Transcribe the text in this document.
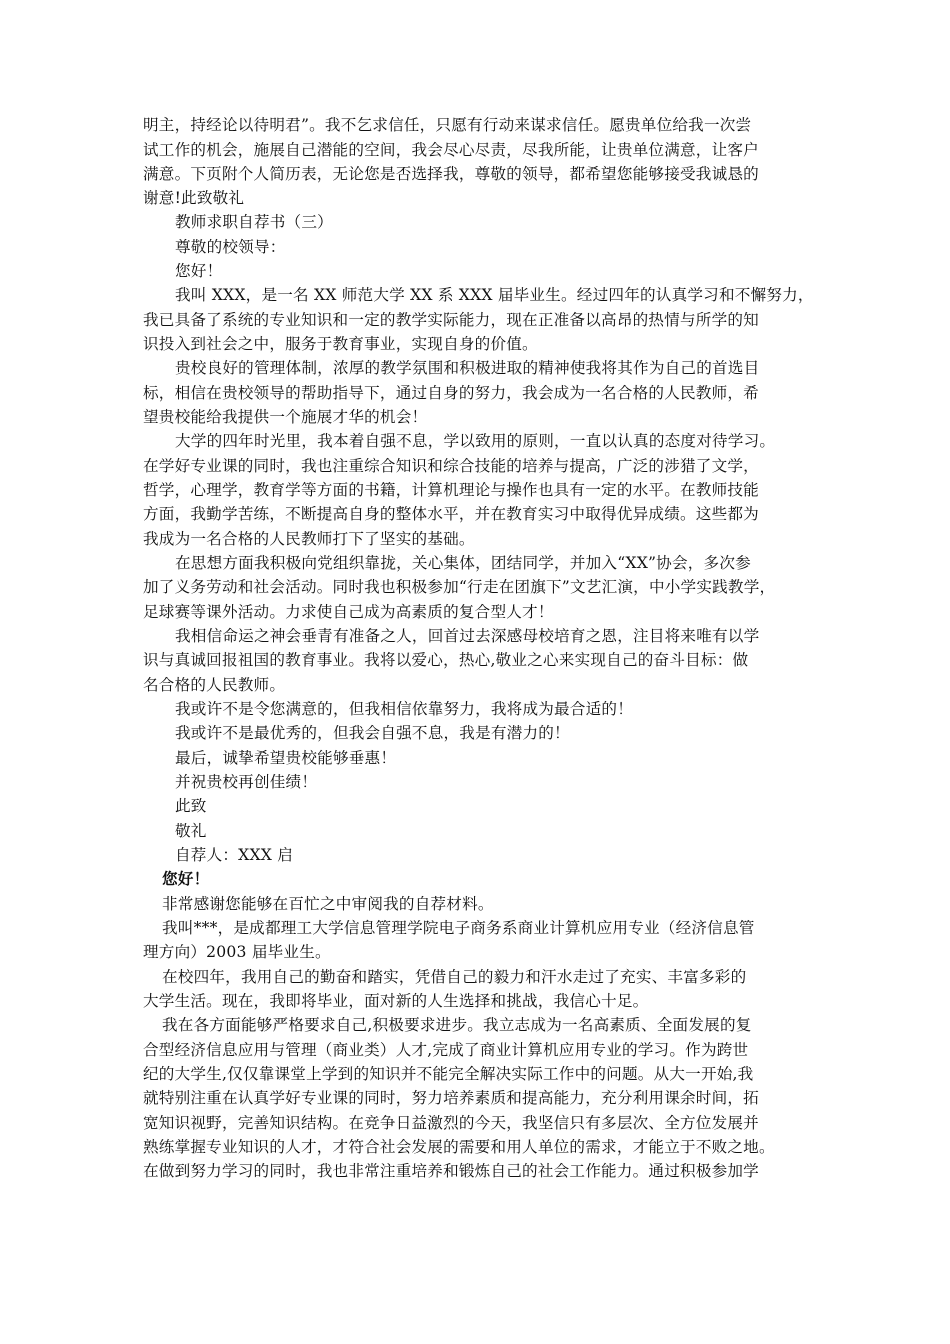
明主，持经论以待明君”。我不乞求信任，只愿有行动来谋求信任。愿贵单位给我一次尝
试工作的机会，施展自己潜能的空间，我会尽心尽责，尽我所能，让贵单位满意，让客户
满意。下页附个人简历表，无论您是否选择我，尊敬的领导，都希望您能够接受我诚恳的
谢意!此致敬礼
教师求职自荐书（三）
尊敬的校领导：
您好！
我叫 XXX，是一名 XX 师范大学 XX 系 XXX 届毕业生。经过四年的认真学习和不懈努力，
我已具备了系统的专业知识和一定的教学实际能力，现在正准备以高昂的热情与所学的知
识投入到社会之中，服务于教育事业，实现自身的价值。
贵校良好的管理体制，浓厚的教学氛围和积极进取的精神使我将其作为自己的首选目
标，相信在贵校领导的帮助指导下，通过自身的努力，我会成为一名合格的人民教师，希
望贵校能给我提供一个施展才华的机会！
大学的四年时光里，我本着自强不息，学以致用的原则，一直以认真的态度对待学习。
在学好专业课的同时，我也注重综合知识和综合技能的培养与提高，广泛的涉猎了文学，
哲学，心理学，教育学等方面的书籍，计算机理论与操作也具有一定的水平。在教师技能
方面，我勤学苦练，不断提高自身的整体水平，并在教育实习中取得优异成绩。这些都为
我成为一名合格的人民教师打下了坚实的基础。
在思想方面我积极向党组织靠拢，关心集体，团结同学，并加入“XX”协会，多次参
加了义务劳动和社会活动。同时我也积极参加“行走在团旗下”文艺汇演，中小学实践教学，
足球赛等课外活动。力求使自己成为高素质的复合型人才！
我相信命运之神会垂青有准备之人，回首过去深感母校培育之恩，注目将来唯有以学
识与真诚回报祖国的教育事业。我将以爱心，热心,敬业之心来实现自己的奋斗目标：做
名合格的人民教师。
我或许不是令您满意的，但我相信依靠努力，我将成为最合适的！
我或许不是最优秀的，但我会自强不息，我是有潜力的！
最后，诚挚希望贵校能够垂惠！
并祝贵校再创佳绩！
此致
敬礼
自荐人：XXX 启
您好！
非常感谢您能够在百忙之中审阅我的自荐材料。
我叫***，是成都理工大学信息管理学院电子商务系商业计算机应用专业（经济信息管
理方向）2003 届毕业生。
在校四年，我用自己的勤奋和踏实，凭借自己的毅力和汗水走过了充实、丰富多彩的
大学生活。现在，我即将毕业，面对新的人生选择和挑战，我信心十足。
我在各方面能够严格要求自己,积极要求进步。我立志成为一名高素质、全面发展的复
合型经济信息应用与管理（商业类）人才,完成了商业计算机应用专业的学习。作为跨世
纪的大学生,仅仅靠课堂上学到的知识并不能完全解决实际工作中的问题。从大一开始,我
就特别注重在认真学好专业课的同时，努力培养素质和提高能力，充分利用课余时间，拓
宽知识视野，完善知识结构。在竞争日益激烈的今天，我坚信只有多层次、全方位发展并
熟练掌握专业知识的人才，才符合社会发展的需要和用人单位的需求，才能立于不败之地。
在做到努力学习的同时，我也非常注重培养和锻炼自己的社会工作能力。通过积极参加学
